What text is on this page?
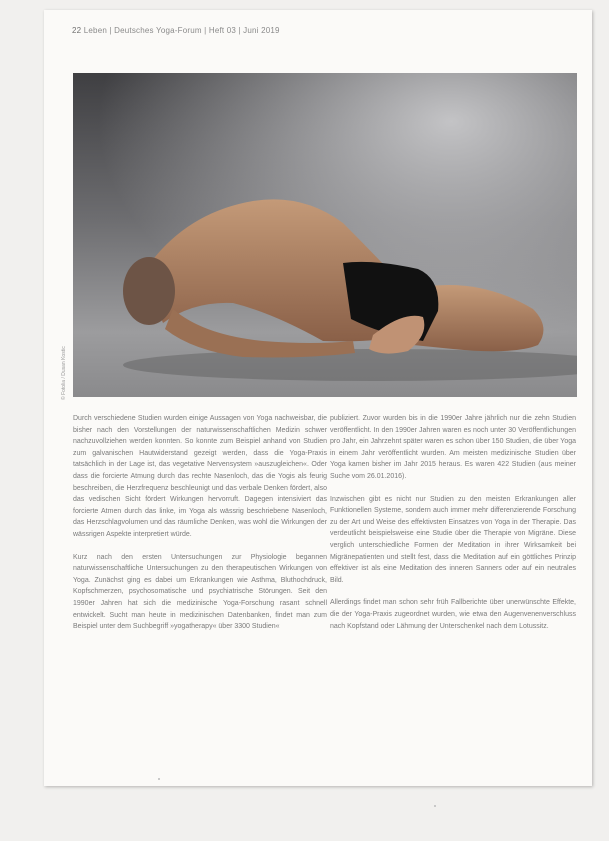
22 Leben | Deutsches Yoga-Forum | Heft 03 | Juni 2019
© Fotolia / Dusan Kostic

Durch verschiedene Studien wurden einige Aussagen von Yoga nachweisbar, die bisher nach den Vorstellungen der naturwissenschaftlichen Medizin schwer nachzuvollziehen werden konnten. So konnte zum Beispiel anhand von Studien zum galvanischen Hautwiderstand gezeigt werden, dass die Yoga-Praxis tatsächlich in der Lage ist, das vegetative Nervensystem »auszugleichen«. Oder dass die forcierte Atmung durch das rechte Nasenloch, das die Yogis als feurig beschreiben, die Herzfrequenz beschleunigt und das verbale Denken fördert, also das vedischen Sicht fördert Wirkungen hervorruft. Dagegen intensiviert das forcierte Atmen durch das linke, im Yoga als wässrig beschriebene Nasenloch, das Herzschlagvolumen und das räumliche Denken, was wohl die Wirkungen der wässrigen Aspekte interpretiert würde.

Kurz nach den ersten Untersuchungen zur Physiologie begannen naturwissenschaftliche Untersuchungen zu den therapeutischen Wirkungen von Yoga. Zunächst ging es dabei um Erkrankungen wie Asthma, Bluthochdruck, Kopfschmerzen, psychosomatische und psychiatrische Störungen. Seit den 1990er Jahren hat sich die medizinische Yoga-Forschung rasant schnell entwickelt. Sucht man heute in medizinischen Datenbanken, findet man zum Beispiel unter dem Suchbegriff »yogatherapy« über 3300 Studien«

publiziert. Zuvor wurden bis in die 1990er Jahre jährlich nur die zehn Studien veröffentlicht. In den 1990er Jahren waren es noch unter 30 Veröffentlichungen pro Jahr, ein Jahrzehnt später waren es schon über 150 Studien, die über Yoga in einem Jahr veröffentlicht wurden. Am meisten medizinische Studien über Yoga kamen bisher im Jahr 2015 heraus. Es waren 422 Studien (aus meiner Suche vom 26.01.2016).

Inzwischen gibt es nicht nur Studien zu den meisten Erkrankungen aller Funktionellen Systeme, sondern auch immer mehr differenzierende Forschung zu der Art und Weise des effektivsten Einsatzes von Yoga in der Therapie. Das verdeutlicht beispielsweise eine Studie über die Therapie von Migräne. Diese verglich unterschiedliche Formen der Meditation in ihrer Wirksamkeit bei Migränepatienten und stellt fest, dass die Meditation auf ein göttliches Prinzip effektiver ist als eine Meditation des inneren Sanners oder auf ein neutrales Bild.

Allerdings findet man schon sehr früh Fallberichte über unerwünschte Effekte, die der Yoga-Praxis zugeordnet wurden, wie etwa den Augenvenenverschluss nach Kopfstand oder Lähmung der Unterschenkel nach dem Lotussitz.
